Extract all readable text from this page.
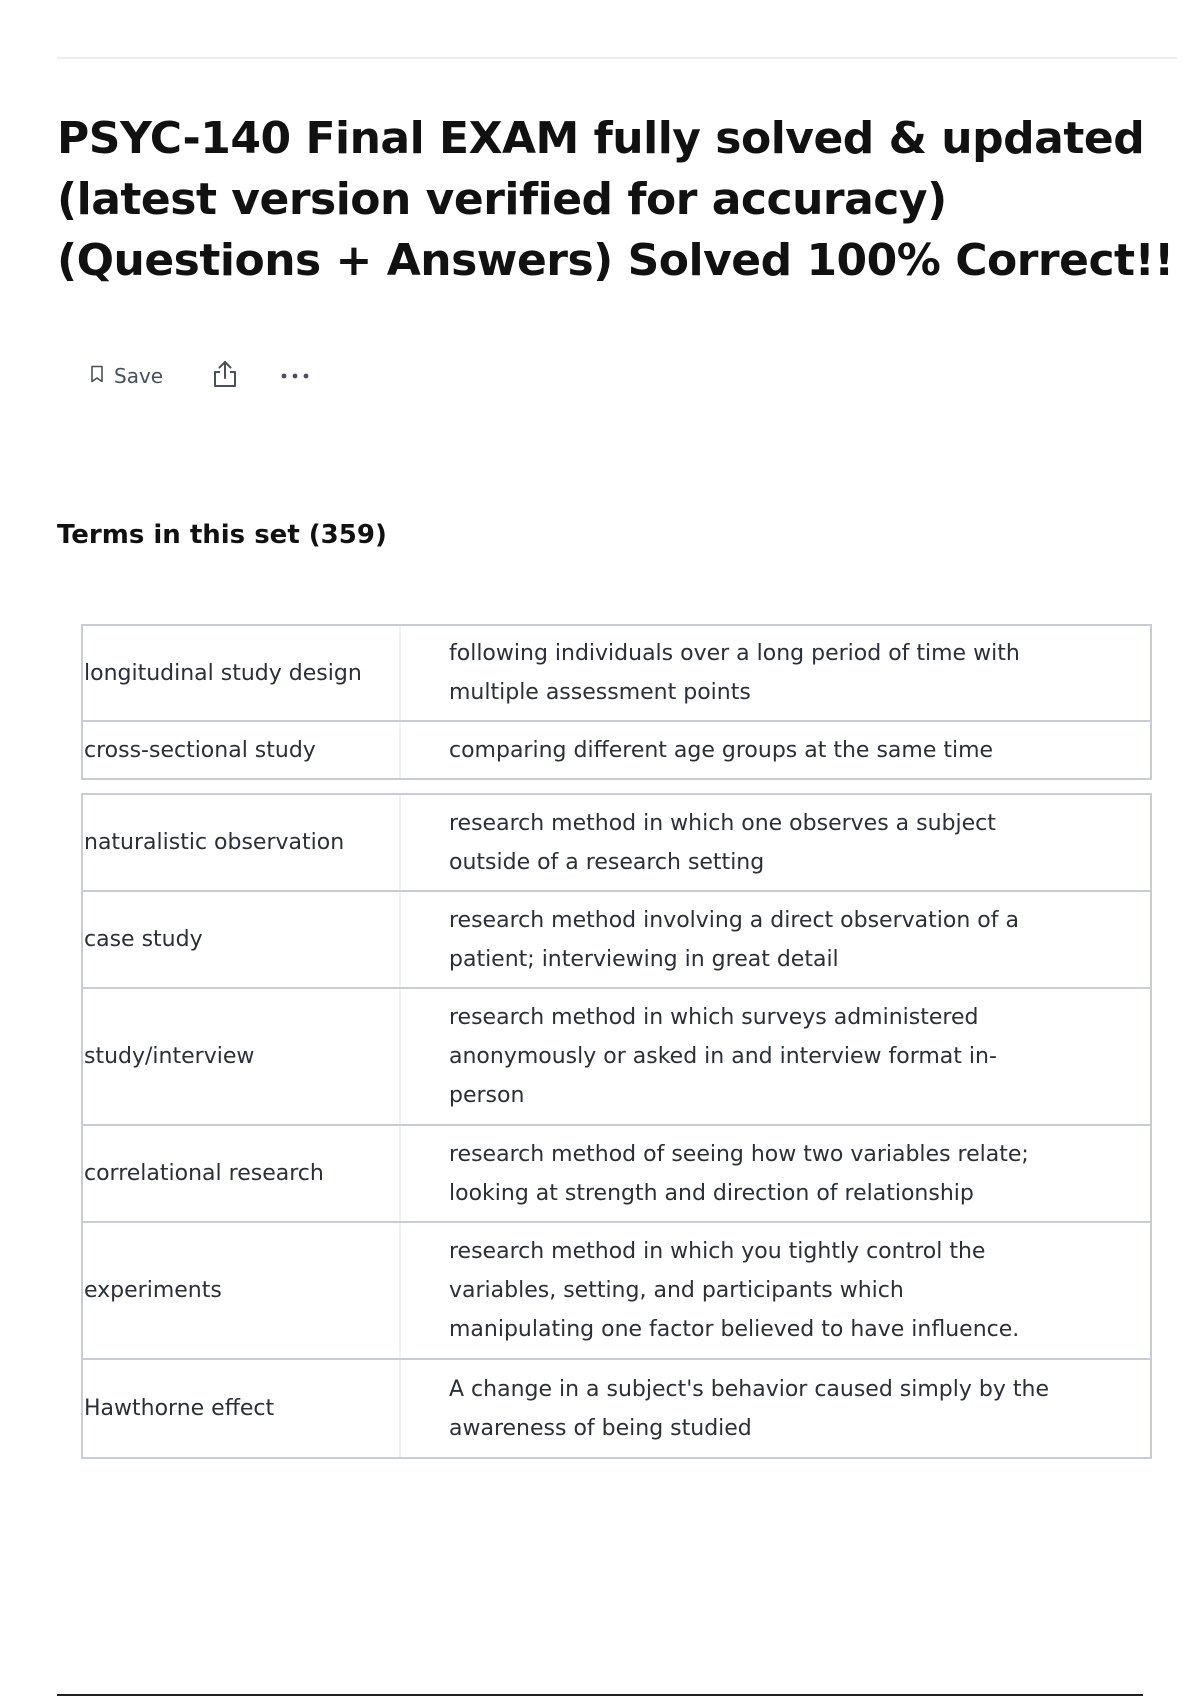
PSYC-140 Final EXAM fully solved & updated (latest version verified for accuracy) (Questions + Answers) Solved 100% Correct!!
Save
Terms in this set (359)
longitudinal study design
following individuals over a long period of time with multiple assessment points
cross-sectional study	comparing different age groups at the same time
naturalistic observation
research method in which one observes a subject outside of a research setting
case study
research method involving a direct observation of a patient; interviewing in great detail
study/interview
research method in which surveys administered anonymously or asked in and interview format in-person
correlational research
research method of seeing how two variables relate; looking at strength and direction of relationship
experiments
research method in which you tightly control the variables, setting, and participants which manipulating one factor believed to have influence.
Hawthorne effect
A change in a subject's behavior caused simply by the awareness of being studied
